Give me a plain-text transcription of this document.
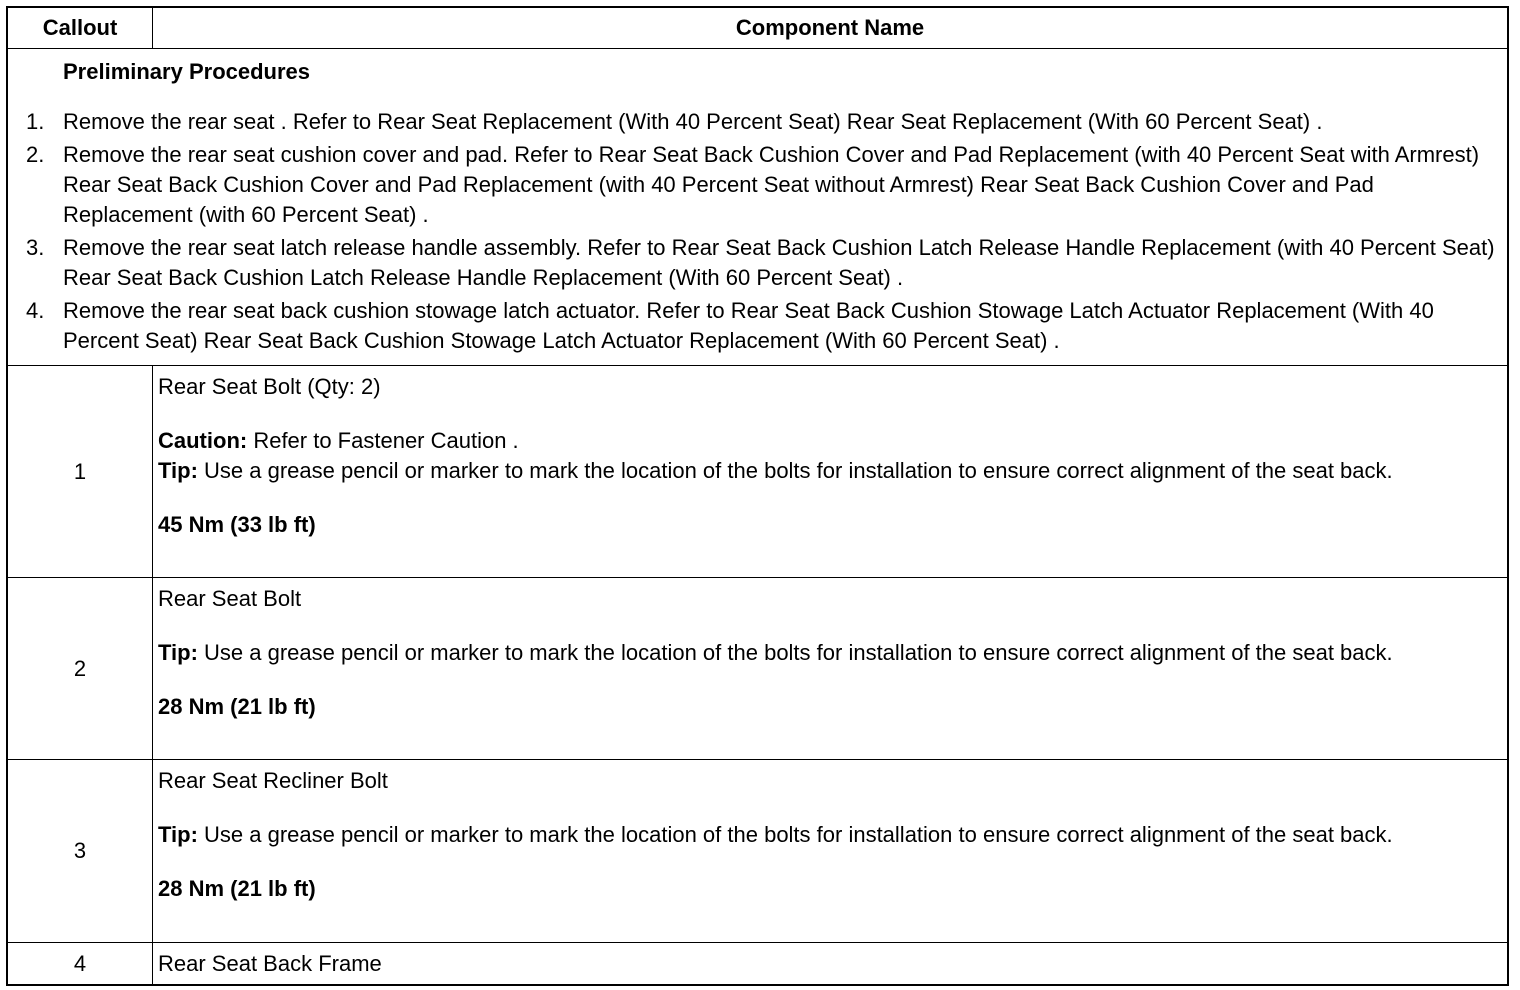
Callout	Component Name
Preliminary Procedures
1. Remove the rear seat . Refer to Rear Seat Replacement (With 40 Percent Seat) Rear Seat Replacement (With 60 Percent Seat) .
2. Remove the rear seat cushion cover and pad. Refer to Rear Seat Back Cushion Cover and Pad Replacement (with 40 Percent Seat with Armrest) Rear Seat Back Cushion Cover and Pad Replacement (with 40 Percent Seat without Armrest) Rear Seat Back Cushion Cover and Pad Replacement (with 60 Percent Seat) .
3. Remove the rear seat latch release handle assembly. Refer to Rear Seat Back Cushion Latch Release Handle Replacement (with 40 Percent Seat) Rear Seat Back Cushion Latch Release Handle Replacement (With 60 Percent Seat) .
4. Remove the rear seat back cushion stowage latch actuator. Refer to Rear Seat Back Cushion Stowage Latch Actuator Replacement (With 40 Percent Seat) Rear Seat Back Cushion Stowage Latch Actuator Replacement (With 60 Percent Seat) .
1
Rear Seat Bolt (Qty: 2)
Caution: Refer to Fastener Caution .
Tip: Use a grease pencil or marker to mark the location of the bolts for installation to ensure correct alignment of the seat back.
45 Nm (33 lb ft)
2
Rear Seat Bolt
Tip: Use a grease pencil or marker to mark the location of the bolts for installation to ensure correct alignment of the seat back.
28 Nm (21 lb ft)
3
Rear Seat Recliner Bolt
Tip: Use a grease pencil or marker to mark the location of the bolts for installation to ensure correct alignment of the seat back.
28 Nm (21 lb ft)
4	Rear Seat Back Frame
